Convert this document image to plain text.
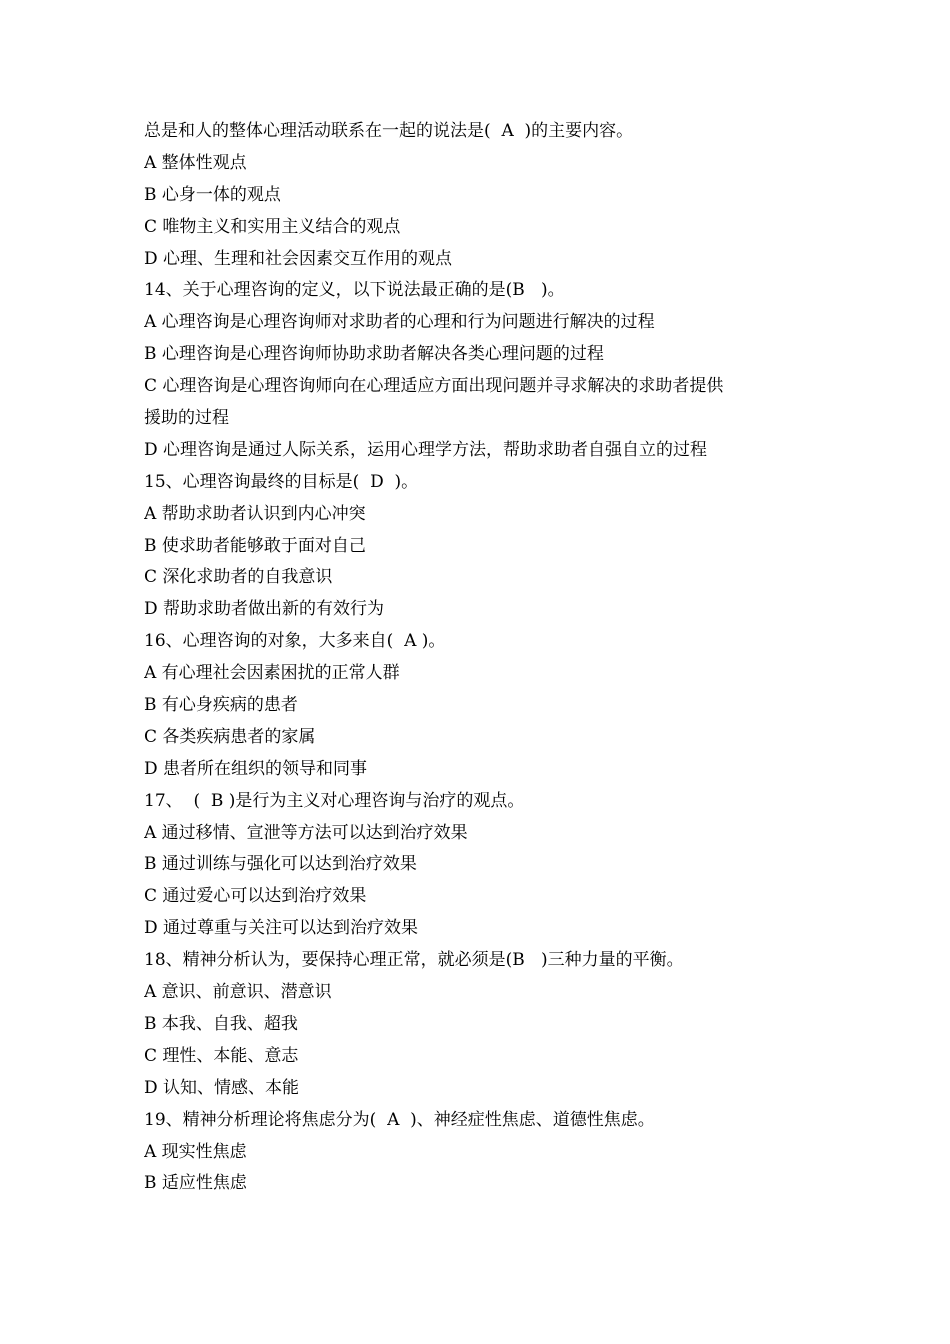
总是和人的整体心理活动联系在一起的说法是(  A  )的主要内容。
A 整体性观点
B 心身一体的观点
C 唯物主义和实用主义结合的观点
D 心理、生理和社会因素交互作用的观点
14、关于心理咨询的定义，以下说法最正确的是(B   )。
A 心理咨询是心理咨询师对求助者的心理和行为问题进行解决的过程
B 心理咨询是心理咨询师协助求助者解决各类心理问题的过程
C 心理咨询是心理咨询师向在心理适应方面出现问题并寻求解决的求助者提供
援助的过程
D 心理咨询是通过人际关系，运用心理学方法，帮助求助者自强自立的过程
15、心理咨询最终的目标是(  D  )。
A 帮助求助者认识到内心冲突
B 使求助者能够敢于面对自己
C 深化求助者的自我意识
D 帮助求助者做出新的有效行为
16、心理咨询的对象，大多来自(  A )。
A 有心理社会因素困扰的正常人群
B 有心身疾病的患者
C 各类疾病患者的家属
D 患者所在组织的领导和同事
17、  (  B )是行为主义对心理咨询与治疗的观点。
A 通过移情、宣泄等方法可以达到治疗效果
B 通过训练与强化可以达到治疗效果
C 通过爱心可以达到治疗效果
D 通过尊重与关注可以达到治疗效果
18、精神分析认为，要保持心理正常，就必须是(B   )三种力量的平衡。
A 意识、前意识、潜意识
B 本我、自我、超我
C 理性、本能、意志
D 认知、情感、本能
19、精神分析理论将焦虑分为(  A  )、神经症性焦虑、道德性焦虑。
A 现实性焦虑
B 适应性焦虑
